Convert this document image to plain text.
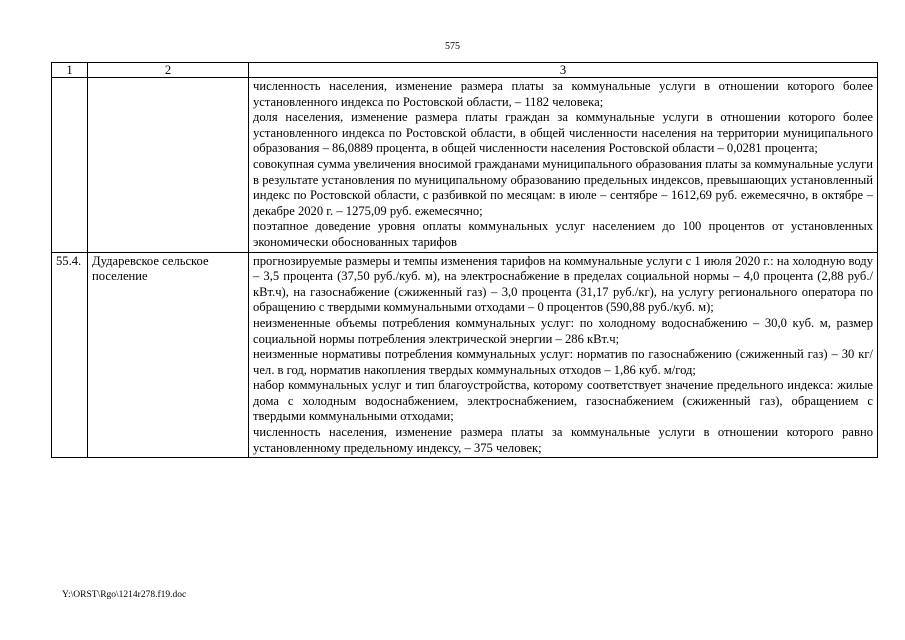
575
1	2	3

		численность населения, изменение размера платы за коммунальные услуги в отношении которого более установленного индекса по Ростовской области, – 1182 человека;
доля населения, изменение размера платы граждан за коммунальные услуги в отношении которого более установленного индекса по Ростовской области, в общей численности населения на территории муниципального образования – 86,0889 процента, в общей численности населения Ростовской области – 0,0281 процента;
совокупная сумма увеличения вносимой гражданами муниципального образования платы за коммунальные услуги в результате установления по муниципальному образованию предельных индексов, превышающих установленный индекс по Ростовской области, с разбивкой по месяцам: в июле – сентябре – 1612,69 руб. ежемесячно, в октябре – декабре 2020 г. – 1275,09 руб. ежемесячно;
поэтапное доведение уровня оплаты коммунальных услуг населением до 100 процентов от установленных экономически обоснованных тарифов

55.4.	Дударевское сельское поселение	прогнозируемые размеры и темпы изменения тарифов на коммунальные услуги с 1 июля 2020 г.: на холодную воду – 3,5 процента (37,50 руб./куб. м), на электроснабжение в пределах социальной нормы – 4,0 процента (2,88 руб./кВт.ч), на газоснабжение (сжиженный газ) – 3,0 процента (31,17 руб./кг), на услугу регионального оператора по обращению с твердыми коммунальными отходами – 0 процентов (590,88 руб./куб. м);
неизмененные объемы потребления коммунальных услуг: по холодному водоснабжению – 30,0 куб. м, размер социальной нормы потребления электрической энергии – 286 кВт.ч;
неизменные нормативы потребления коммунальных услуг: норматив по газоснабжению (сжиженный газ) – 30 кг/чел. в год, норматив накопления твердых коммунальных отходов – 1,86 куб. м/год;
набор коммунальных услуг и тип благоустройства, которому соответствует значение предельного индекса: жилые дома с холодным водоснабжением, электроснабжением, газоснабжением (сжиженный газ), обращением с твердыми коммунальными отходами;
численность населения, изменение размера платы за коммунальные услуги в отношении которого равно установленному предельному индексу, – 375 человек;
Y:\ORST\Rgo\1214r278.f19.doc
